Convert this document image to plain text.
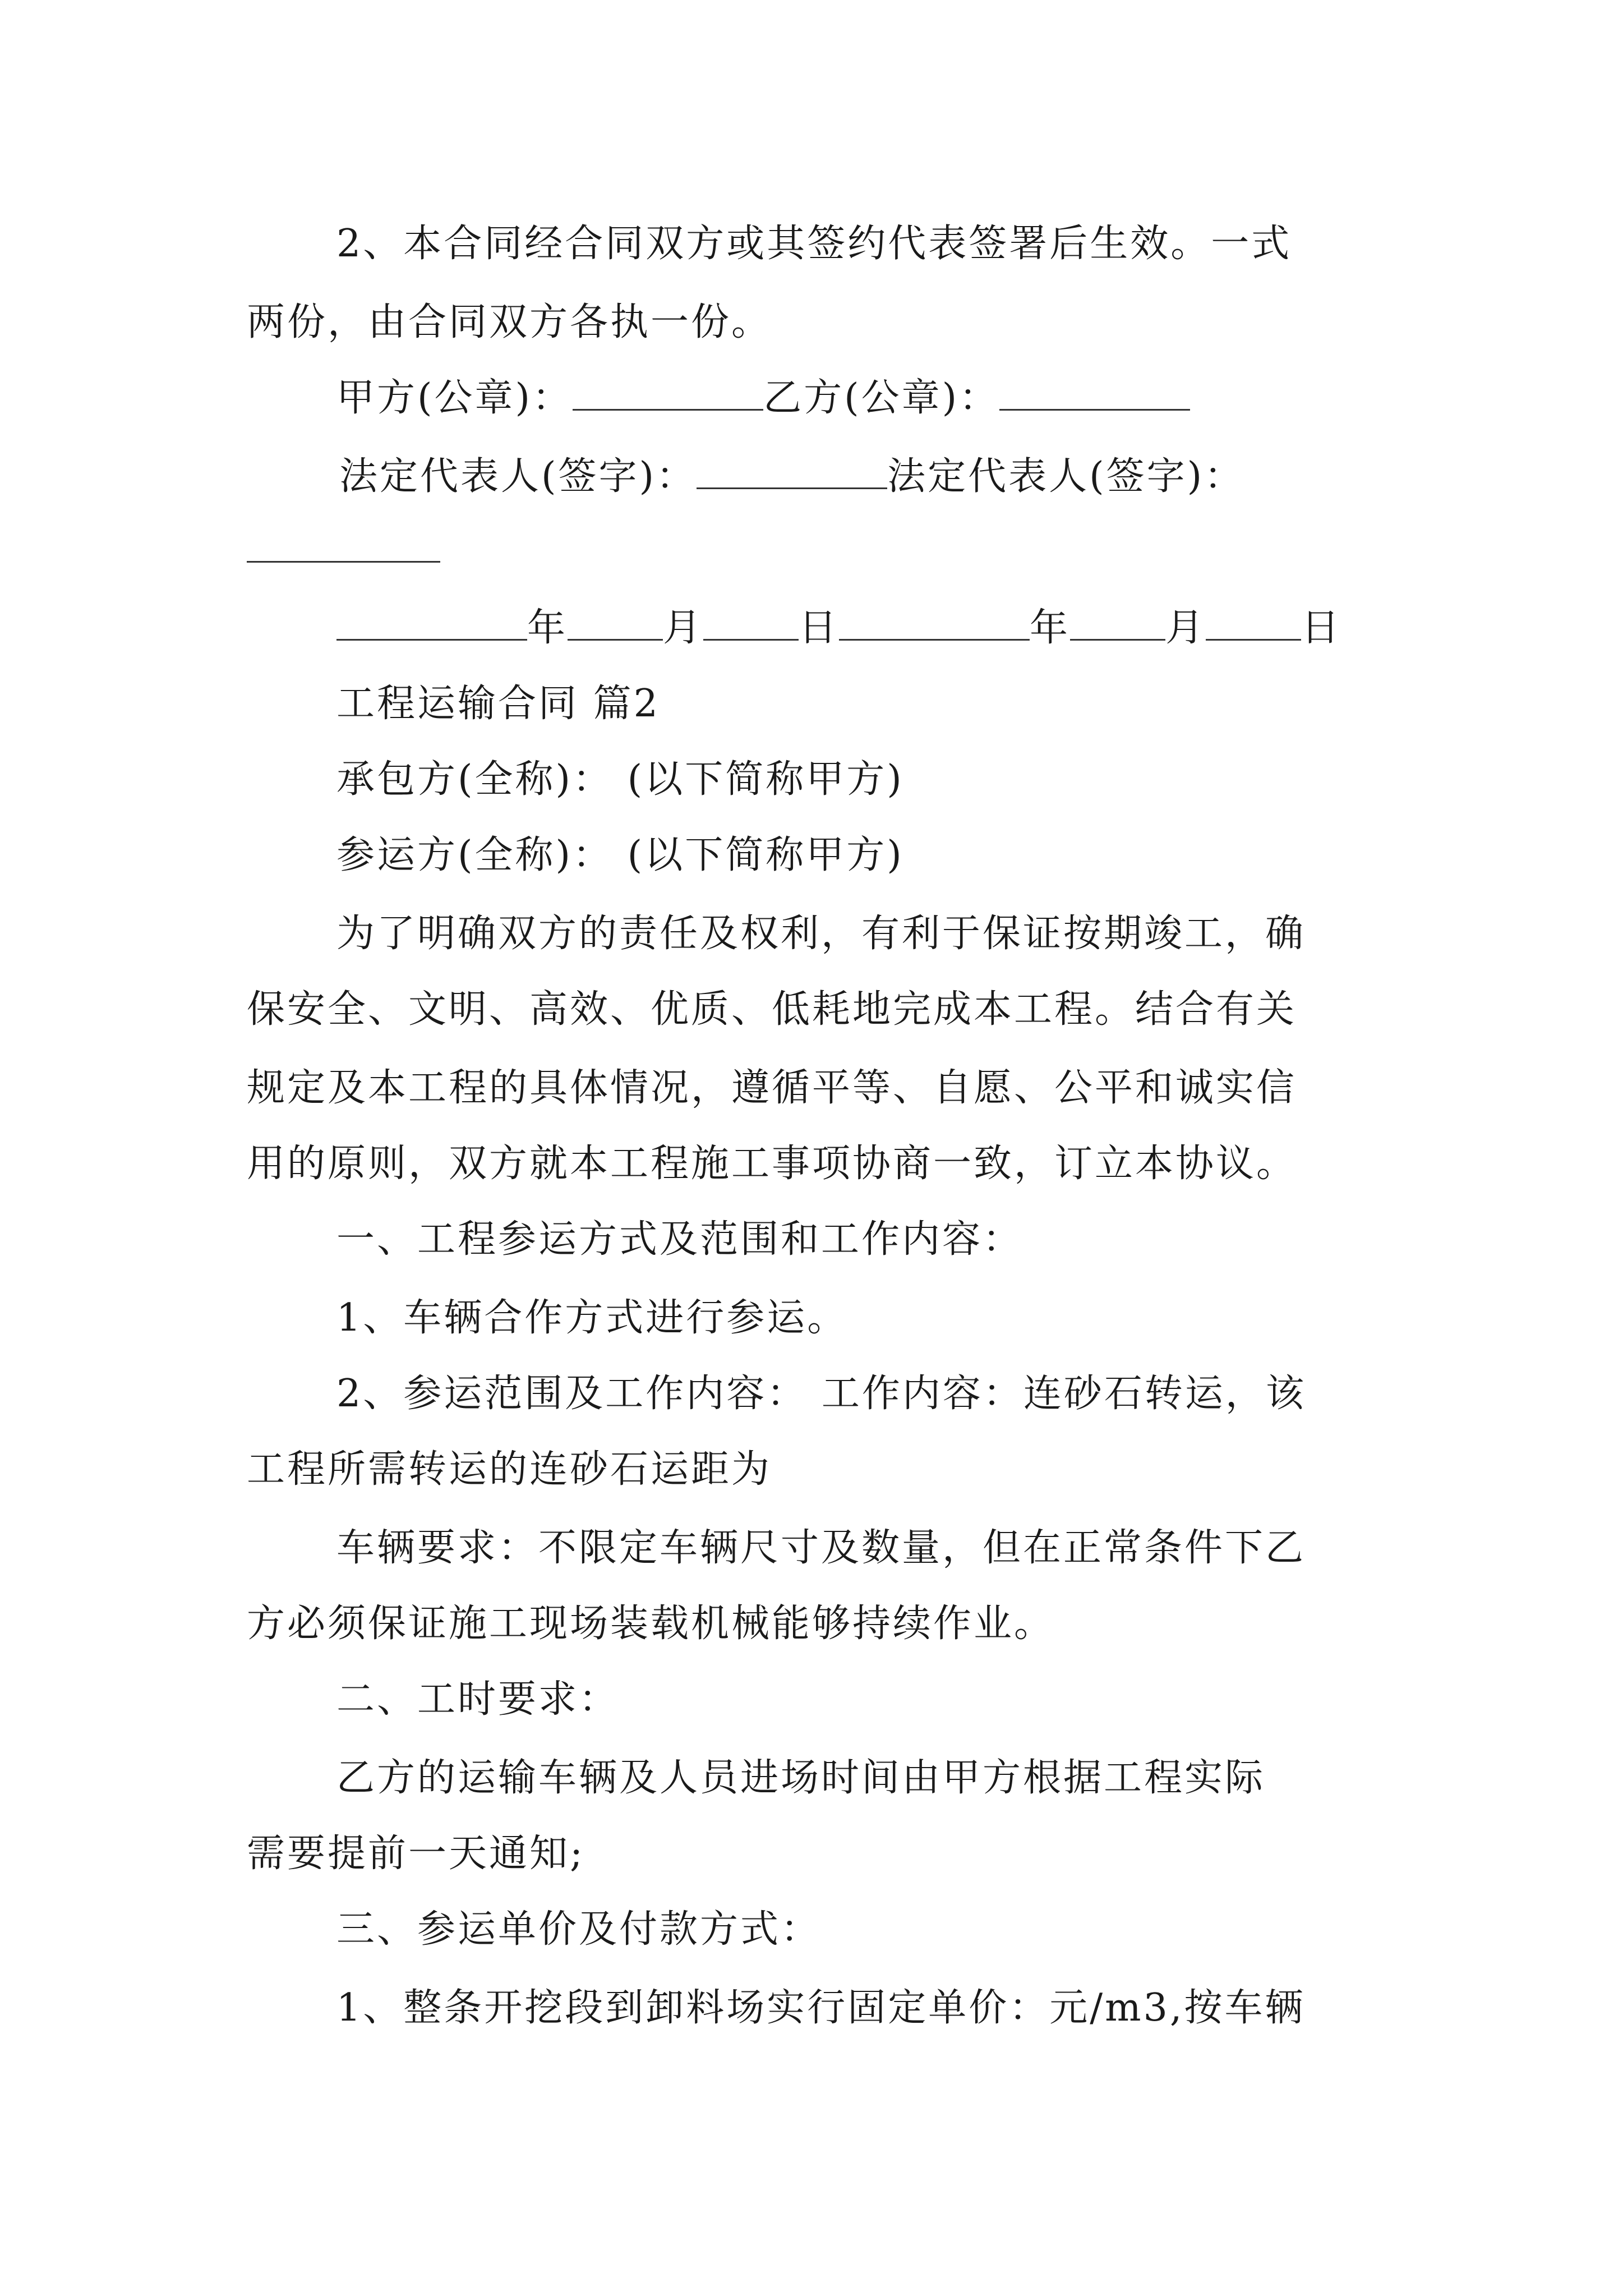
2、本合同经合同双方或其签约代表签署后生效。一式
两份，由合同双方各执一份。
甲方(公章)：	乙方(公章)：
法定代表人(签字)：	法定代表人(签字)：
年	月	日	年	月	日
工程运输合同 篇2
承包方(全称)： (以下简称甲方)
参运方(全称)： (以下简称甲方)
为了明确双方的责任及权利，有利于保证按期竣工，确
保安全、文明、高效、优质、低耗地完成本工程。结合有关
规定及本工程的具体情况，遵循平等、自愿、公平和诚实信
用的原则，双方就本工程施工事项协商一致，订立本协议。
一、工程参运方式及范围和工作内容：
1、车辆合作方式进行参运。
2、参运范围及工作内容： 工作内容：连砂石转运，该
工程所需转运的连砂石运距为
车辆要求：不限定车辆尺寸及数量，但在正常条件下乙
方必须保证施工现场装载机械能够持续作业。
二、工时要求：
乙方的运输车辆及人员进场时间由甲方根据工程实际
需要提前一天通知;
三、参运单价及付款方式：
1、整条开挖段到卸料场实行固定单价：元/m3,按车辆
